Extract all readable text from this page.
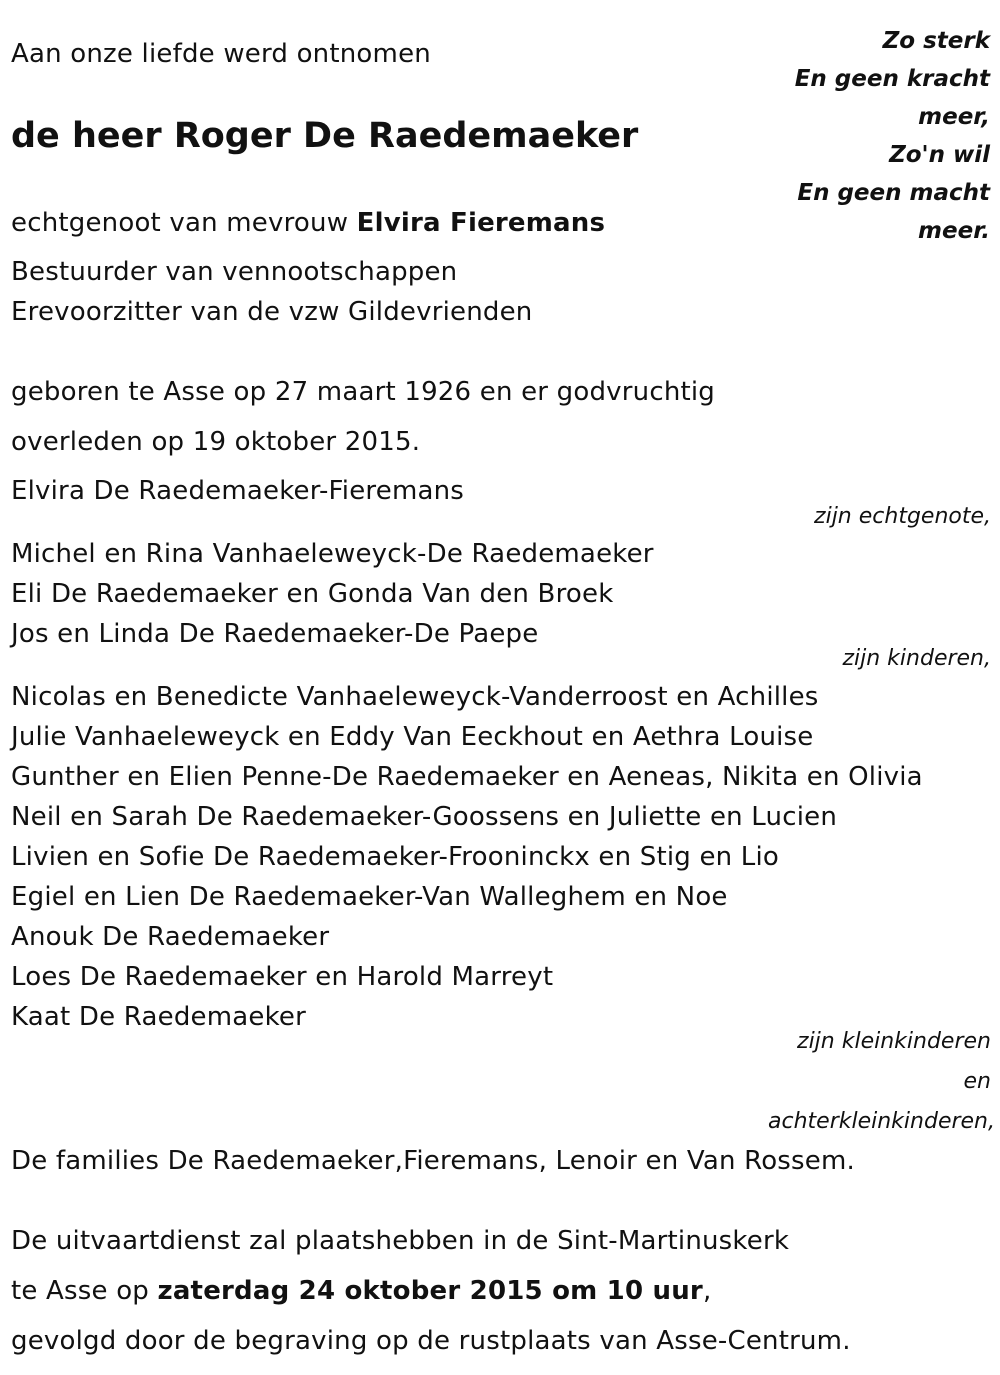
Aan onze liefde werd ontnomen
de heer Roger De Raedemaeker
Zo sterk
En geen kracht
meer,
Zo'n wil
En geen macht
meer.
echtgenoot van mevrouw Elvira Fieremans
Bestuurder van vennootschappen
Erevoorzitter van de vzw Gildevrienden
geboren te Asse op 27 maart 1926 en er godvruchtig
overleden op 19 oktober 2015.
Elvira De Raedemaeker-Fieremans
zijn echtgenote,
Michel en Rina Vanhaeleweyck-De Raedemaeker
Eli De Raedemaeker en Gonda Van den Broek
Jos en Linda De Raedemaeker-De Paepe
zijn kinderen,
Nicolas en Benedicte Vanhaeleweyck-Vanderroost en Achilles
Julie Vanhaeleweyck en Eddy Van Eeckhout en Aethra Louise
Gunther en Elien Penne-De Raedemaeker en Aeneas, Nikita en Olivia
Neil en Sarah De Raedemaeker-Goossens en Juliette en Lucien
Livien en Sofie De Raedemaeker-Frooninckx en Stig en Lio
Egiel en Lien De Raedemaeker-Van Walleghem en Noe
Anouk De Raedemaeker
Loes De Raedemaeker en Harold Marreyt
Kaat De Raedemaeker
zijn kleinkinderen
en
achterkleinkinderen,
De families De Raedemaeker,Fieremans, Lenoir en Van Rossem.
De uitvaartdienst zal plaatshebben in de Sint-Martinuskerk
te Asse op zaterdag 24 oktober 2015 om 10 uur,
gevolgd door de begraving op de rustplaats van Asse-Centrum.
